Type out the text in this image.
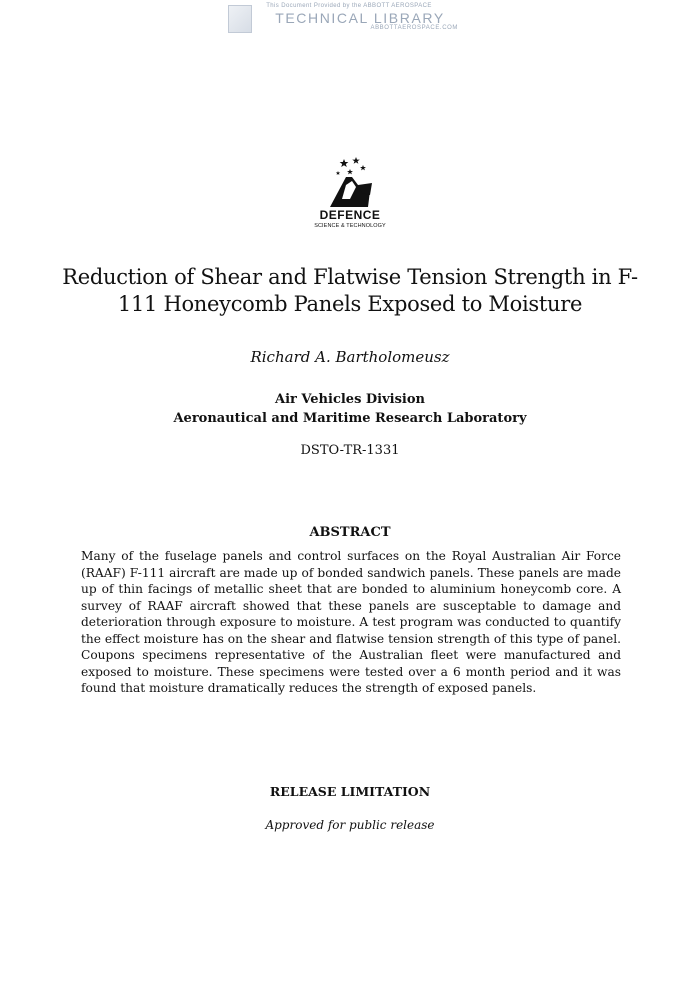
This Document Provided by the ABBOTT AEROSPACE
TECHNICAL LIBRARY
ABBOTTAEROSPACE.COM
DEFENCE
SCIENCE & TECHNOLOGY
Reduction of Shear and Flatwise Tension Strength in F-111 Honeycomb Panels Exposed to Moisture
Richard A. Bartholomeusz
Air Vehicles Division
Aeronautical and Maritime Research Laboratory
DSTO-TR-1331
ABSTRACT
Many of the fuselage panels and control surfaces on the Royal Australian Air Force (RAAF) F-111 aircraft are made up of bonded sandwich panels. These panels are made up of thin facings of metallic sheet that are bonded to aluminium honeycomb core. A survey of RAAF aircraft showed that these panels are susceptable to damage and deterioration through exposure to moisture. A test program was conducted to quantify the effect moisture has on the shear and flatwise tension strength of this type of panel. Coupons specimens representative of the Australian fleet were manufactured and exposed to moisture. These specimens were tested over a 6 month period and it was found that moisture dramatically reduces the strength of exposed panels.
RELEASE LIMITATION
Approved for public release
